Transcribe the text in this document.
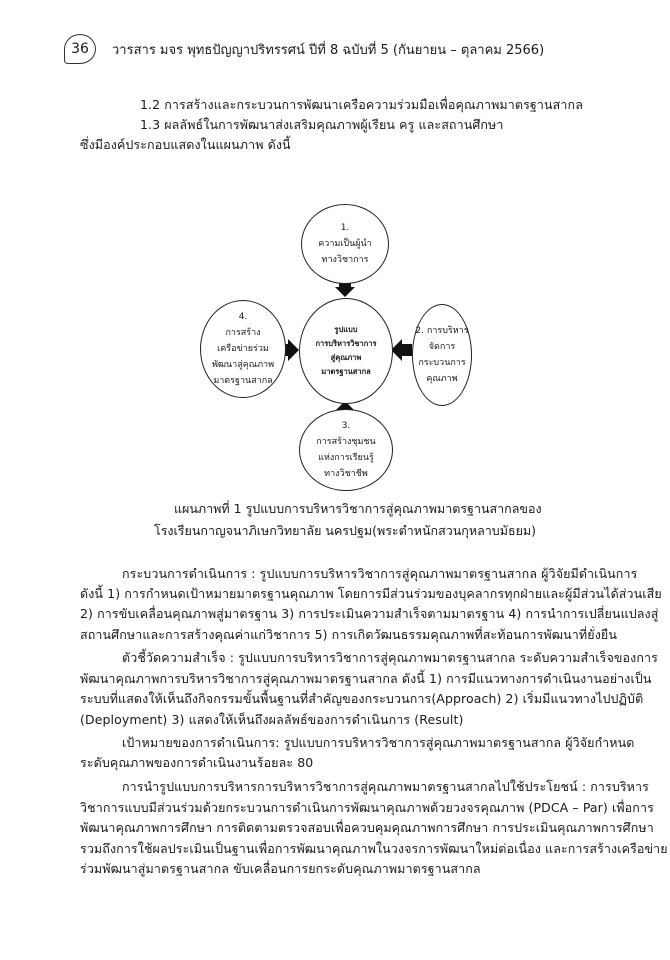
36	วารสาร มจร พุทธปัญญาปริทรรศน์ ปีที่ 8 ฉบับที่ 5 (กันยายน – ตุลาคม 2566)
1.2 การสร้างและกระบวนการพัฒนาเครือความร่วมมือเพื่อคุณภาพมาตรฐานสากล
1.3 ผลลัพธ์ในการพัฒนาส่งเสริมคุณภาพผู้เรียน ครู และสถานศึกษา
ซึ่งมีองค์ประกอบแสดงในแผนภาพ ดังนี้
1.
ความเป็นผู้นำ
ทางวิชาการ
รูปแบบ
การบริหารวิชาการ
สู่คุณภาพ
มาตรฐานสากล
2. การบริหาร
จัดการ
กระบวนการ
คุณภาพ
4.
การสร้าง
เครือข่ายร่วม
พัฒนาสู่คุณภาพ
มาตรฐานสากล
3.
การสร้างชุมชน
แห่งการเรียนรู้
ทางวิชาชีพ
แผนภาพที่ 1 รูปแบบการบริหารวิชาการสู่คุณภาพมาตรฐานสากลของ
โรงเรียนกาญจนาภิเษกวิทยาลัย นครปฐม(พระตำหนักสวนกุหลาบมัธยม)
กระบวนการดำเนินการ : รูปแบบการบริหารวิชาการสู่คุณภาพมาตรฐานสากล ผู้วิจัยมีดำเนินการ
ดังนี้ 1) การกำหนดเป้าหมายมาตรฐานคุณภาพ โดยการมีส่วนร่วมของบุคลากรทุกฝ่ายและผู้มีส่วนได้ส่วนเสีย
2) การขับเคลื่อนคุณภาพสู่มาตรฐาน 3) การประเมินความสำเร็จตามมาตรฐาน 4) การนำการเปลี่ยนแปลงสู่
สถานศึกษาและการสร้างคุณค่าแก่วิชาการ 5) การเกิดวัฒนธรรมคุณภาพที่สะท้อนการพัฒนาที่ยั่งยืน
ตัวชี้วัดความสำเร็จ : รูปแบบการบริหารวิชาการสู่คุณภาพมาตรฐานสากล ระดับความสำเร็จของการ
พัฒนาคุณภาพการบริหารวิชาการสู่คุณภาพมาตรฐานสากล ดังนี้ 1) การมีแนวทางการดำเนินงานอย่างเป็น
ระบบที่แสดงให้เห็นถึงกิจกรรมขั้นพื้นฐานที่สำคัญของกระบวนการ(Approach) 2) เริ่มมีแนวทางไปปฏิบัติ
(Deployment) 3) แสดงให้เห็นถึงผลลัพธ์ของการดำเนินการ (Result)
เป้าหมายของการดำเนินการ: รูปแบบการบริหารวิชาการสู่คุณภาพมาตรฐานสากล ผู้วิจัยกำหนด
ระดับคุณภาพของการดำเนินงานร้อยละ 80
การนำรูปแบบการบริหารการบริหารวิชาการสู่คุณภาพมาตรฐานสากลไปใช้ประโยชน์ : การบริหาร
วิชาการแบบมีส่วนร่วมด้วยกระบวนการดำเนินการพัฒนาคุณภาพด้วยวงจรคุณภาพ (PDCA – Par) เพื่อการ
พัฒนาคุณภาพการศึกษา การติดตามตรวจสอบเพื่อควบคุมคุณภาพการศึกษา การประเมินคุณภาพการศึกษา
รวมถึงการใช้ผลประเมินเป็นฐานเพื่อการพัฒนาคุณภาพในวงจรการพัฒนาใหม่ต่อเนื่อง และการสร้างเครือข่าย
ร่วมพัฒนาสู่มาตรฐานสากล ขับเคลื่อนการยกระดับคุณภาพมาตรฐานสากล
